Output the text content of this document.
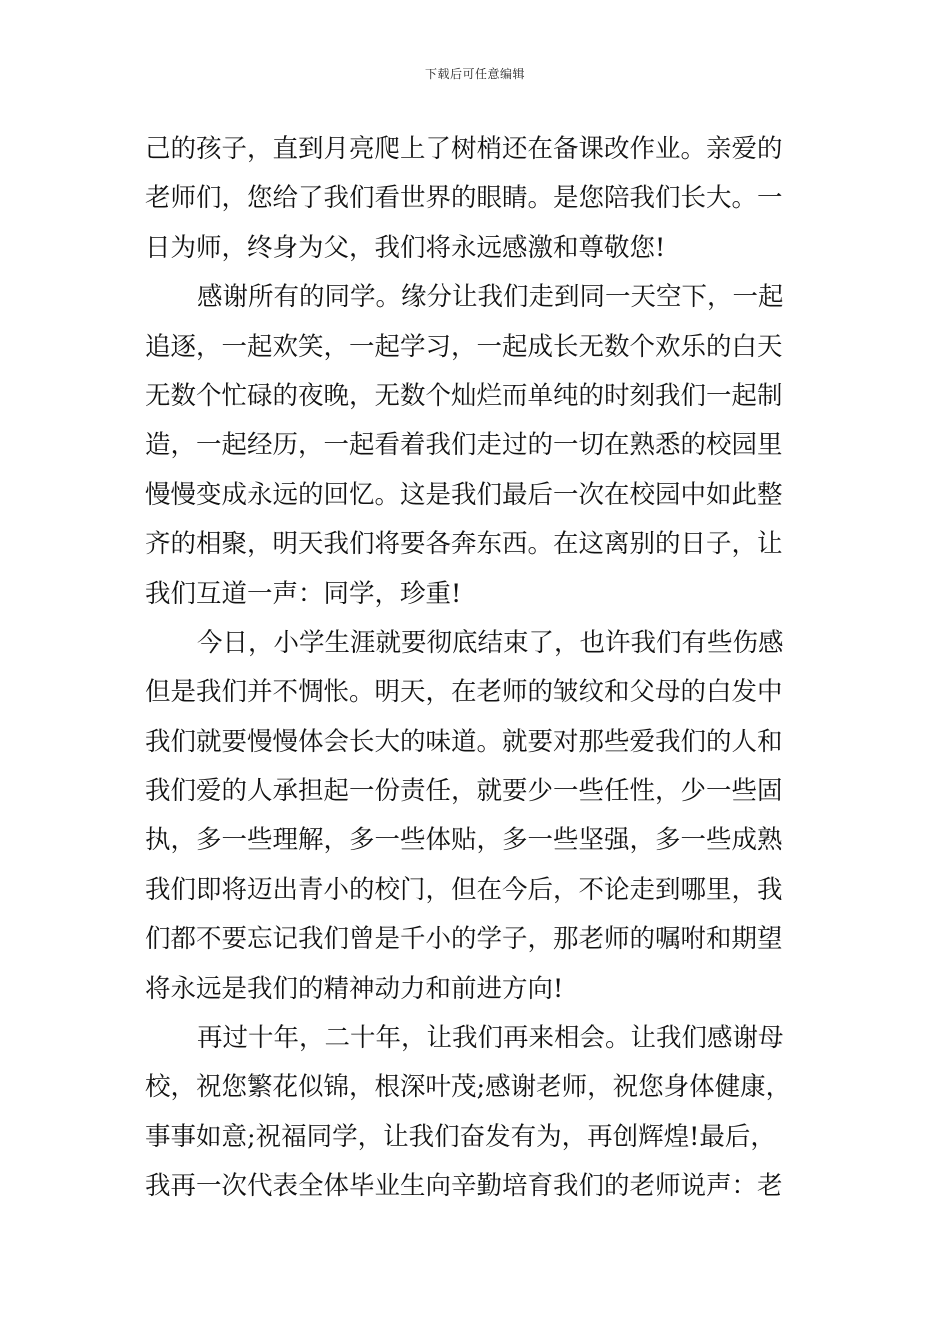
下载后可任意编辑
己的孩子，直到月亮爬上了树梢还在备课改作业。亲爱的
老师们，您给了我们看世界的眼睛。是您陪我们长大。一
日为师，终身为父，我们将永远感激和尊敬您!
感谢所有的同学。缘分让我们走到同一天空下，一起
追逐，一起欢笑，一起学习，一起成长无数个欢乐的白天
无数个忙碌的夜晚，无数个灿烂而单纯的时刻我们一起制
造，一起经历，一起看着我们走过的一切在熟悉的校园里
慢慢变成永远的回忆。这是我们最后一次在校园中如此整
齐的相聚，明天我们将要各奔东西。在这离别的日子，让
我们互道一声：同学，珍重!
今日，小学生涯就要彻底结束了，也许我们有些伤感
但是我们并不惆怅。明天，在老师的皱纹和父母的白发中
我们就要慢慢体会长大的味道。就要对那些爱我们的人和
我们爱的人承担起一份责任，就要少一些任性，少一些固
执，多一些理解，多一些体贴，多一些坚强，多一些成熟
我们即将迈出青小的校门，但在今后，不论走到哪里，我
们都不要忘记我们曾是千小的学子，那老师的嘱咐和期望
将永远是我们的精神动力和前进方向!
再过十年，二十年，让我们再来相会。让我们感谢母
校，祝您繁花似锦，根深叶茂;感谢老师，祝您身体健康，
事事如意;祝福同学，让我们奋发有为，再创辉煌!最后，
我再一次代表全体毕业生向辛勤培育我们的老师说声：老
